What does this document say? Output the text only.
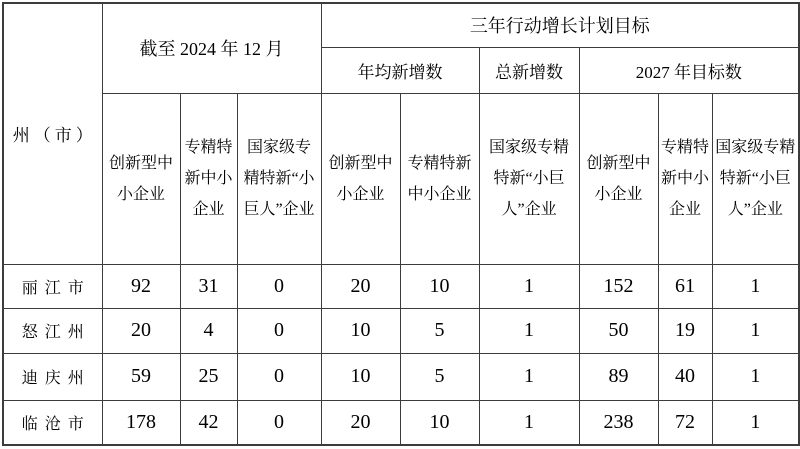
州（市）	截至 2024 年 12 月			三年行动增长计划目标					
				年均新增数		总新增数	2027 年目标数		
	创新型中小企业	专精特新中小企业	国家级专精特新“小巨人”企业	创新型中小企业	专精特新中小企业	国家级专精特新“小巨人”企业	创新型中小企业	专精特新中小企业	国家级专精特新“小巨人”企业
丽江市	92	31	0	20	10	1	152	61	1
怒江州	20	4	0	10	5	1	50	19	1
迪庆州	59	25	0	10	5	1	89	40	1
临沧市	178	42	0	20	10	1	238	72	1
